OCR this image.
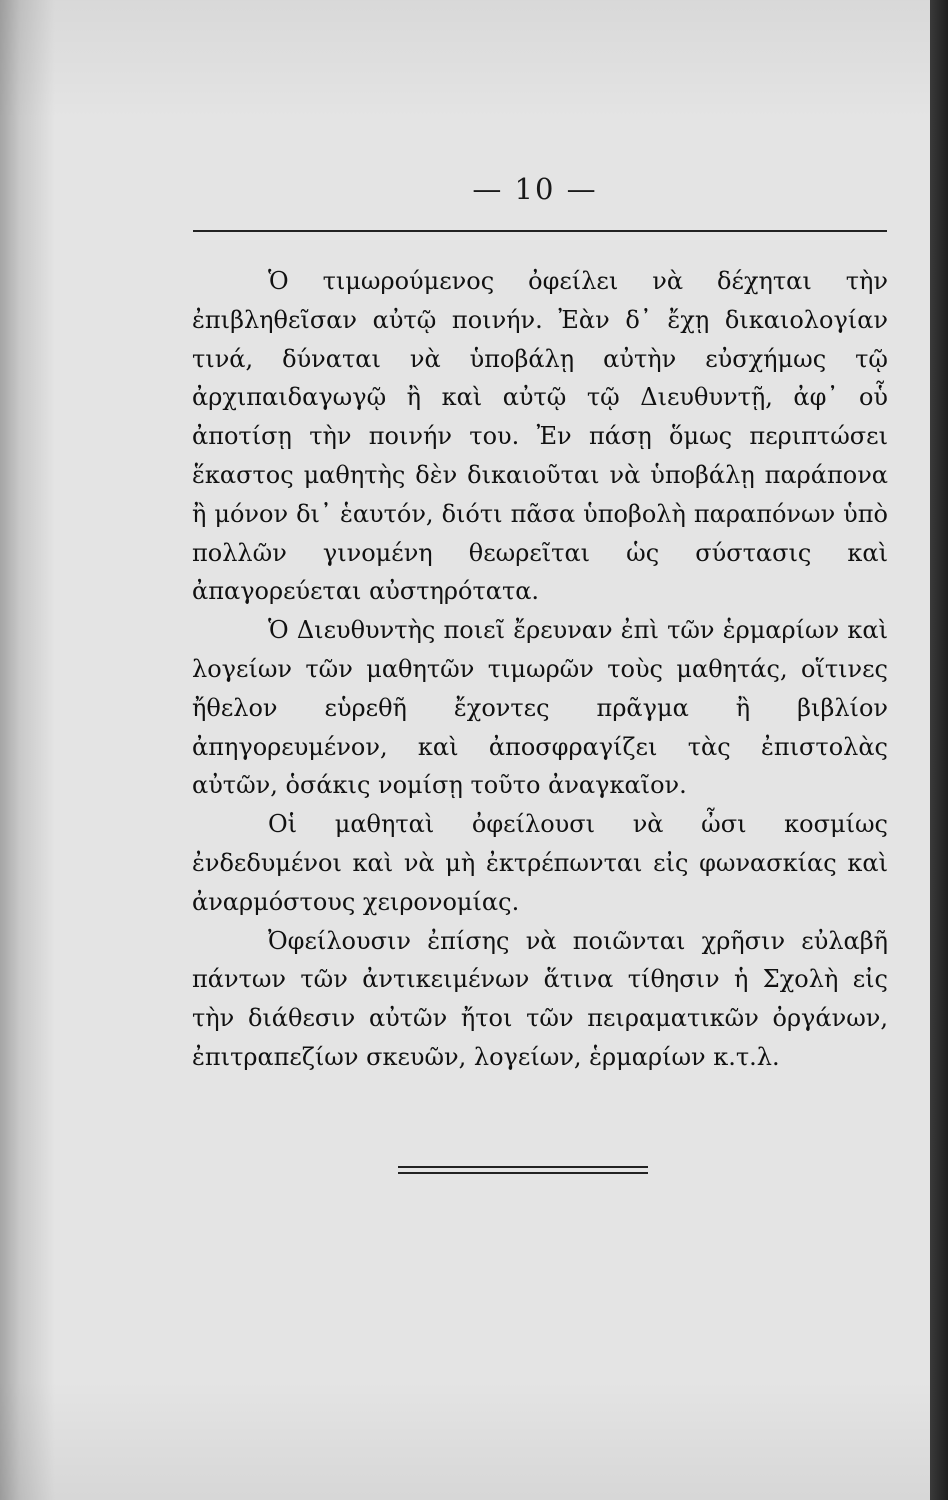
— 10 —

Ὁ τιμωρούμενος ὀφείλει νὰ δέχηται τὴν ἐπιβληθεῖσαν αὐτῷ ποινήν. Ἐὰν δ᾽ ἔχῃ δικαιολογίαν τινά, δύναται νὰ ὑποβάλῃ αὐτὴν εὐσχήμως τῷ ἀρχιπαιδαγωγῷ ἢ καὶ αὐτῷ τῷ Διευθυντῇ, ἀφ᾽ οὗ ἀποτίσῃ τὴν ποινήν του. Ἐν πάσῃ ὅμως περιπτώσει ἕκαστος μαθητὴς δὲν δικαιοῦται νὰ ὑποβάλῃ παράπονα ἢ μόνον δι᾽ ἑαυτόν, διότι πᾶσα ὑποβολὴ παραπόνων ὑπὸ πολλῶν γινομένη θεωρεῖται ὡς σύστασις καὶ ἀπαγορεύεται αὐστηρότατα.

Ὁ Διευθυντὴς ποιεῖ ἔρευναν ἐπὶ τῶν ἑρμαρίων καὶ λογείων τῶν μαθητῶν τιμωρῶν τοὺς μαθητάς, οἵτινες ἤθελον εὑρεθῆ ἔχοντες πρᾶγμα ἢ βιβλίον ἀπηγορευμένον, καὶ ἀποσφραγίζει τὰς ἐπιστολὰς αὐτῶν, ὁσάκις νομίσῃ τοῦτο ἀναγκαῖον.

Οἱ μαθηταὶ ὀφείλουσι νὰ ὦσι κοσμίως ἐνδεδυμένοι καὶ νὰ μὴ ἐκτρέπωνται εἰς φωνασκίας καὶ ἀναρμόστους χειρονομίας.

Ὀφείλουσιν ἐπίσης νὰ ποιῶνται χρῆσιν εὐλαβῆ πάντων τῶν ἀντικειμένων ἅτινα τίθησιν ἡ Σχολὴ εἰς τὴν διάθεσιν αὐτῶν ἤτοι τῶν πειραματικῶν ὀργάνων, ἐπιτραπεζίων σκευῶν, λογείων, ἑρμαρίων κ.τ.λ.
